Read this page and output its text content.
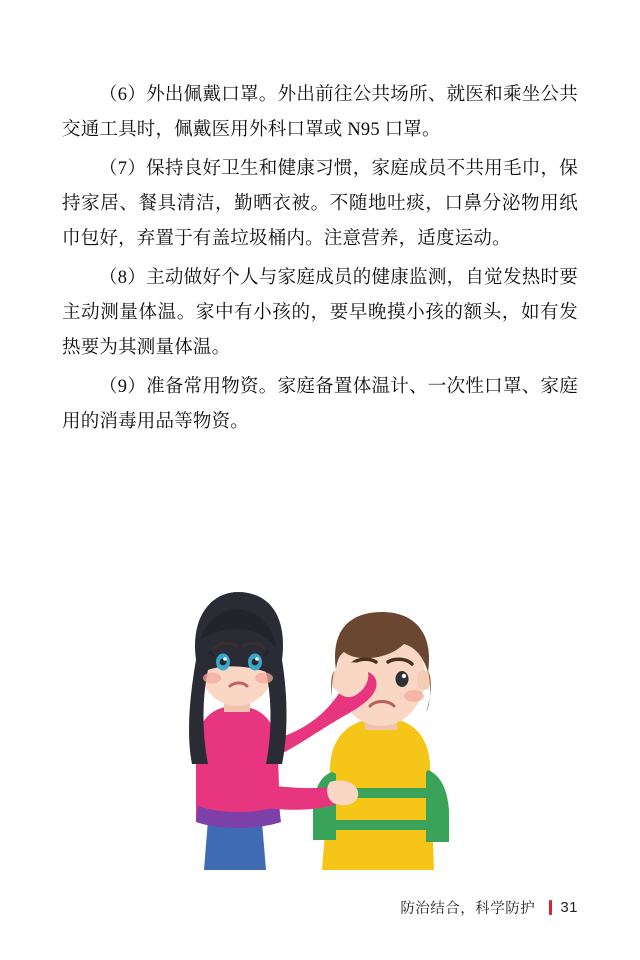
（6）外出佩戴口罩。外出前往公共场所、就医和乘坐公共交通工具时，佩戴医用外科口罩或 N95 口罩。

（7）保持良好卫生和健康习惯，家庭成员不共用毛巾，保持家居、餐具清洁，勤晒衣被。不随地吐痰，口鼻分泌物用纸巾包好，弃置于有盖垃圾桶内。注意营养，适度运动。

（8）主动做好个人与家庭成员的健康监测，自觉发热时要主动测量体温。家中有小孩的，要早晚摸小孩的额头，如有发热要为其测量体温。

（9）准备常用物资。家庭备置体温计、一次性口罩、家庭用的消毒用品等物资。

防治结合，科学防护 31
